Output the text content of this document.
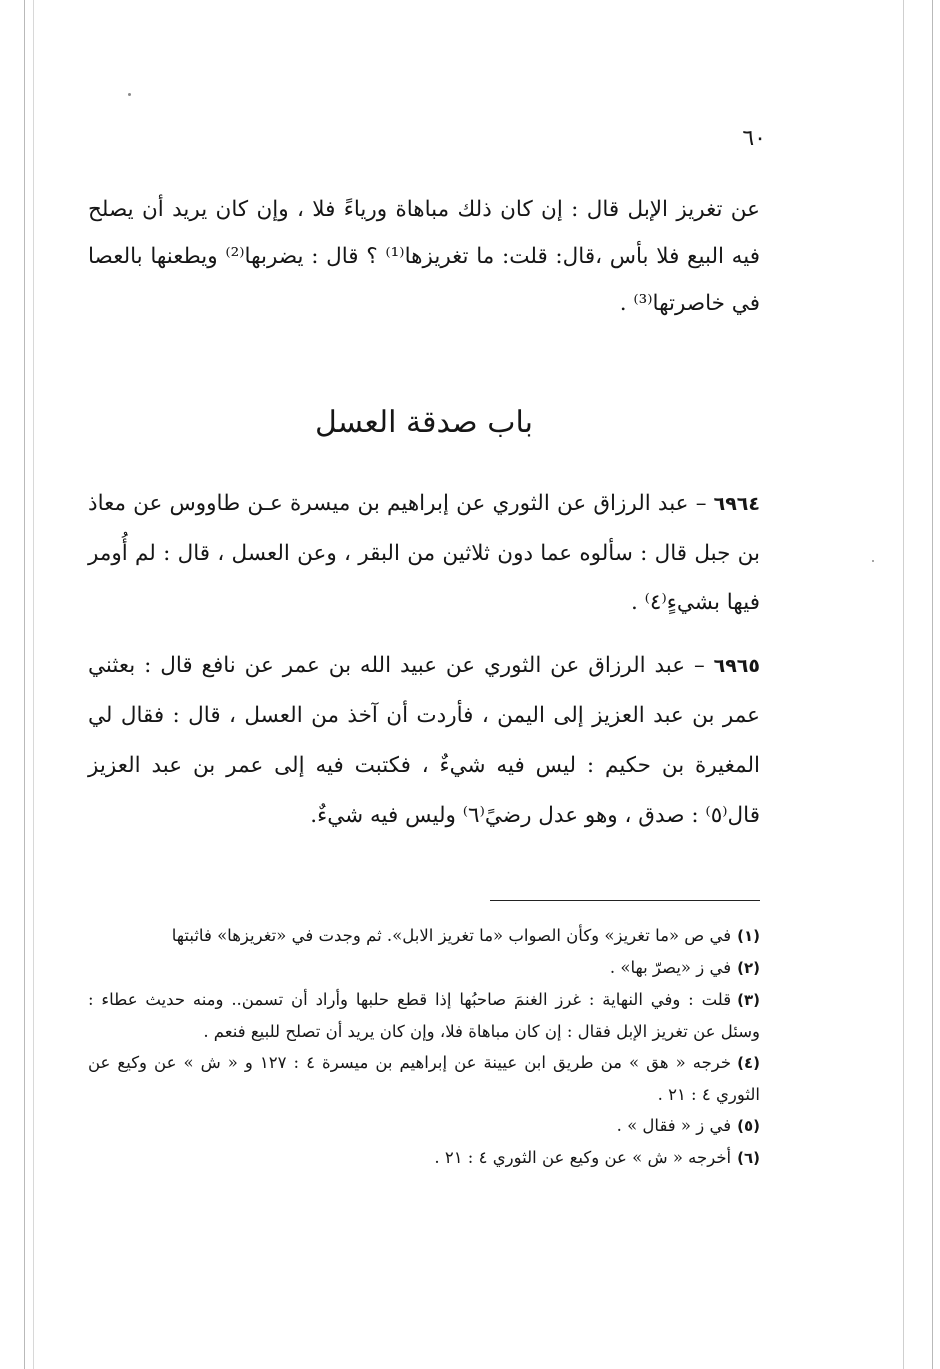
٦٠
عن تغريز الإبل قال : إن كان ذلك مباهاة ورياءً فلا ، وإن كان يريد أن يصلح فيه البيع فلا بأس ،قال: قلت: ما تغريزها⁽¹⁾ ؟ قال : يضربها⁽²⁾ ويطعنها بالعصا في خاصرتها⁽³⁾ .
باب صدقة العسل
٦٩٦٤ – عبد الرزاق عن الثوري عن إبراهيم بن ميسرة عـن طاووس عن معاذ بن جبل قال : سألوه عما دون ثلاثين من البقر ، وعن العسل ، قال : لم أُومر فيها بشيءٍ⁽٤⁾ .
٦٩٦٥ – عبد الرزاق عن الثوري عن عبيد الله بن عمر عن نافع قال : بعثني عمر بن عبد العزيز إلى اليمن ، فأردت أن آخذ من العسل ، قال : فقال لي المغيرة بن حكيم : ليس فيه شيءٌ ، فكتبت فيه إلى عمر بن عبد العزيز قال⁽٥⁾ : صدق ، وهو عدل رضيً⁽٦⁾ وليس فيه شيءٌ.
(١)في ص «ما تغريز» وكأن الصواب «ما تغريز الابل». ثم وجدت في «تغريزها» فاثبتها
(٢)في ز «يصرّ بها» .
(٣)قلت : وفي النهاية : غرز الغنمَ صاحبُها إذا قطع حلبها وأراد أن تسمن.. ومنه حديث عطاء : وسئل عن تغريز الإبل فقال : إن كان مباهاة فلا، وإن كان يريد أن تصلح للبيع فنعم .
(٤)خرجه « هق » من طريق ابن عيينة عن إبراهيم بن ميسرة ٤ : ١٢٧ و « ش » عن وكيع عن الثوري ٤ : ٢١ .
(٥)في ز « فقال » .
(٦)أخرجه « ش » عن وكيع عن الثوري ٤ : ٢١ .
